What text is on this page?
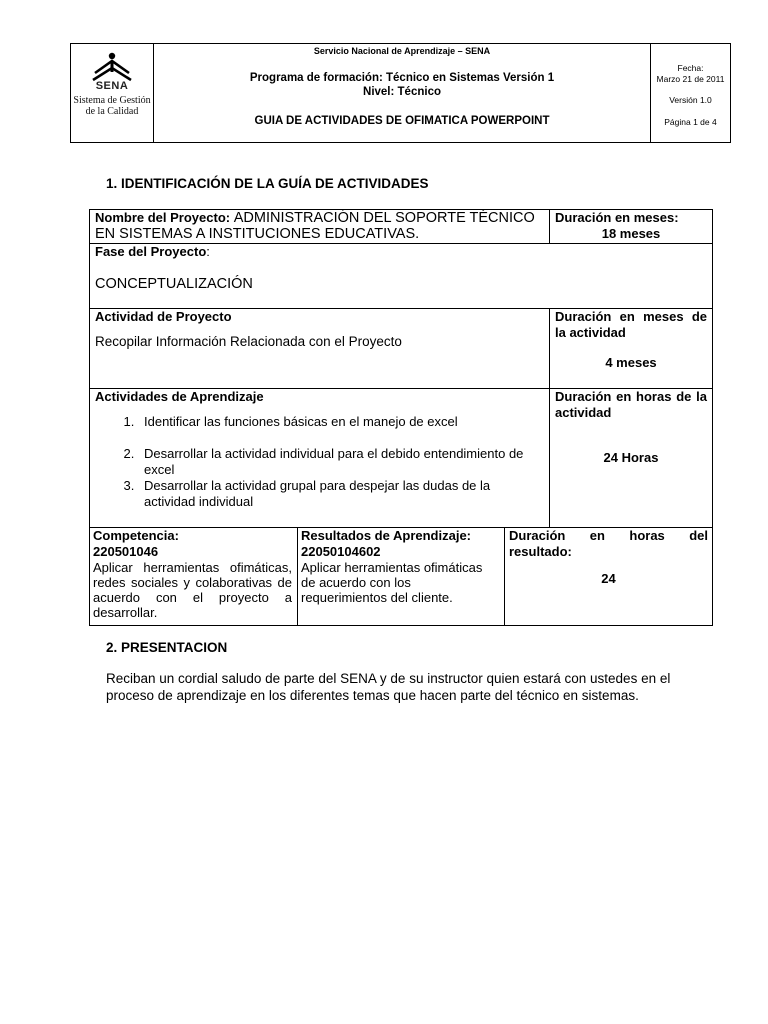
SENA
Sistema de Gestión
de la Calidad
Servicio Nacional de Aprendizaje – SENA
Programa de formación: Técnico en Sistemas Versión 1
Nivel: Técnico
GUIA DE ACTIVIDADES DE OFIMATICA POWERPOINT
Fecha:
Marzo 21 de 2011
Versión 1.0
Página 1 de 4
1. IDENTIFICACIÓN DE LA GUÍA DE ACTIVIDADES
Nombre del Proyecto: ADMINISTRACIÓN DEL SOPORTE TÉCNICO EN SISTEMAS A INSTITUCIONES EDUCATIVAS.
Duración en meses:
18 meses
Fase del Proyecto:
CONCEPTUALIZACIÓN
Actividad de Proyecto
Recopilar Información Relacionada con el Proyecto
Duración en meses de la actividad
4 meses
Actividades de Aprendizaje
1. Identificar las funciones básicas en el manejo de excel
2. Desarrollar la actividad individual para el debido entendimiento de excel
3. Desarrollar la actividad grupal para despejar las dudas de la actividad individual
Duración en horas de la actividad
24 Horas
Competencia:
220501046
Aplicar herramientas ofimáticas, redes sociales y colaborativas de acuerdo con el proyecto a desarrollar.
Resultados de Aprendizaje:
22050104602
Aplicar herramientas ofimáticas de acuerdo con los requerimientos del cliente.
Duración en horas del resultado:
24
2. PRESENTACION
Reciban un cordial saludo de parte del SENA y de su instructor quien estará con ustedes en el proceso de aprendizaje en los diferentes temas que hacen parte del técnico en sistemas.
